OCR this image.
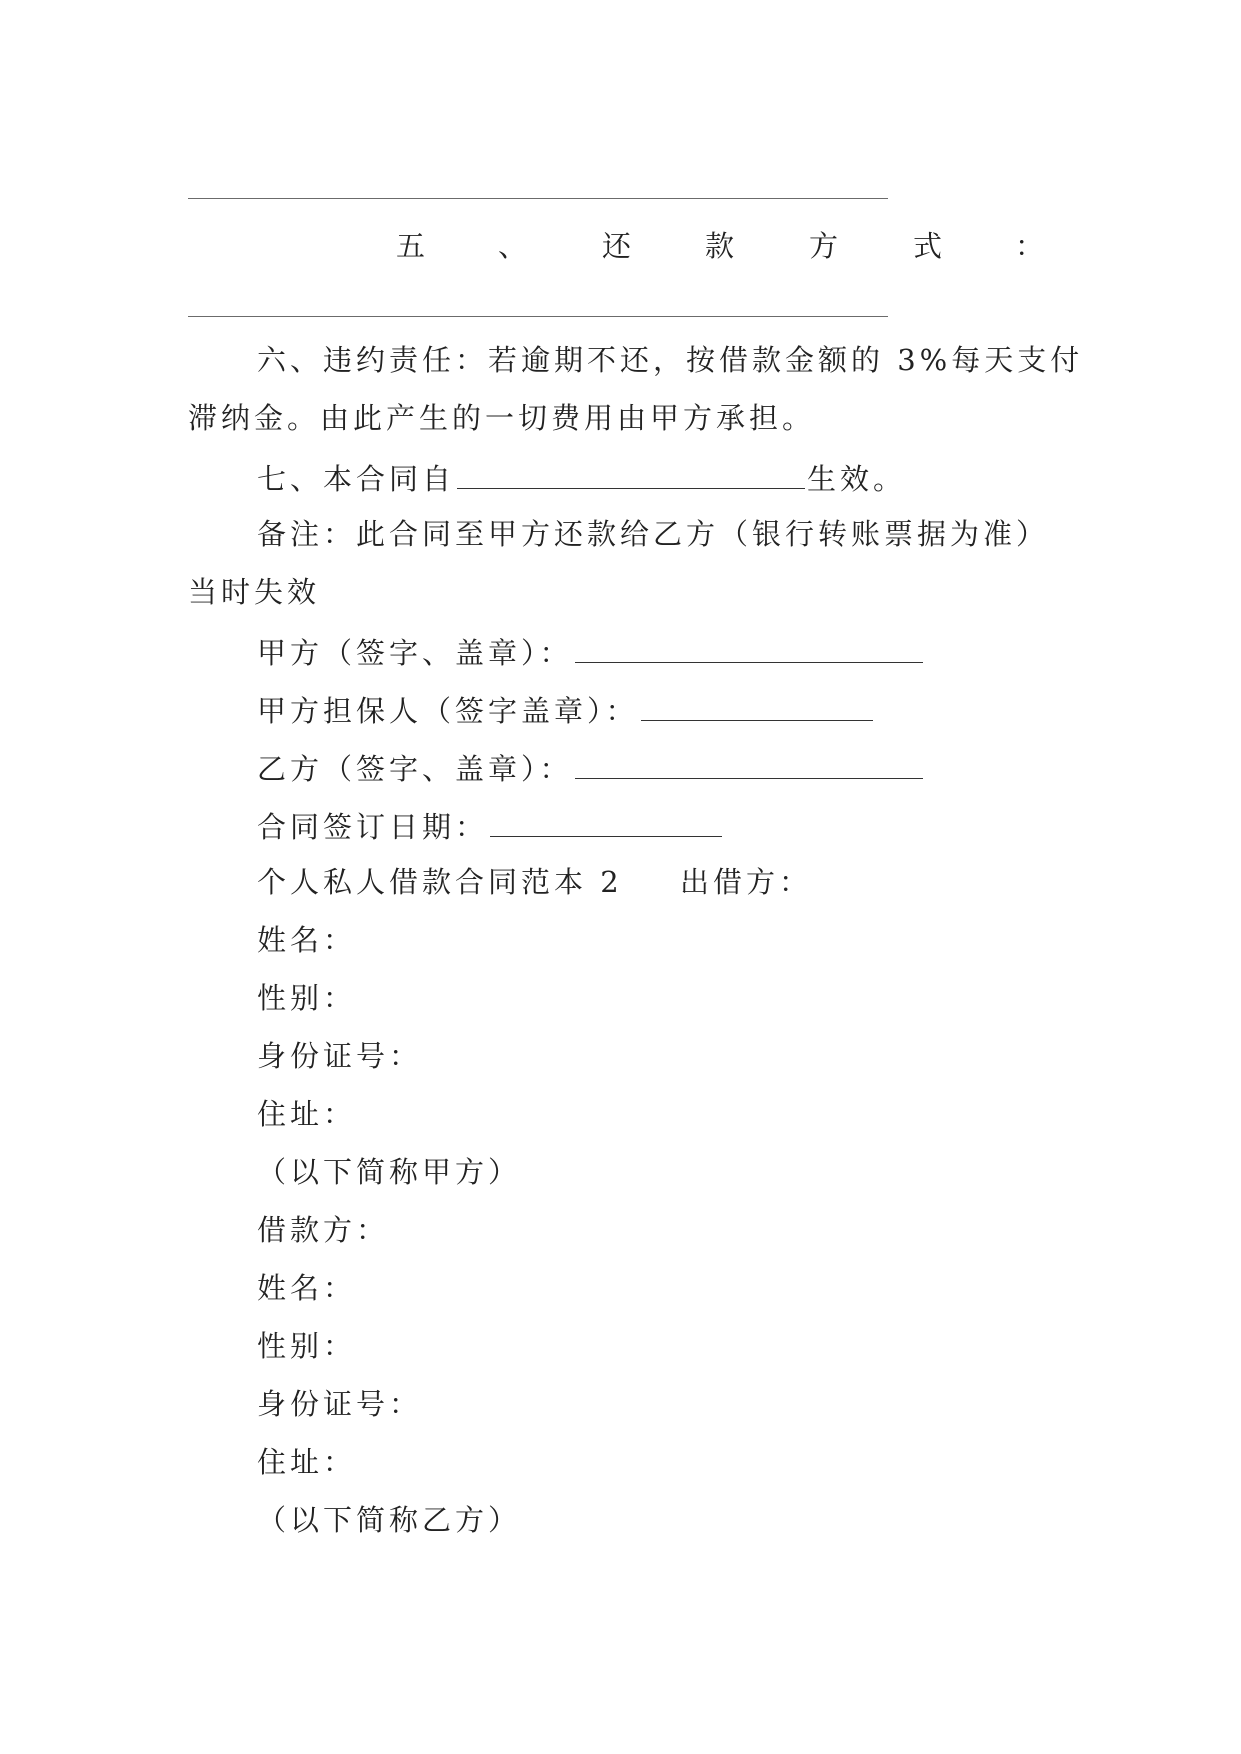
五	、	还	款	方	式	：
六、违约责任：若逾期不还，按借款金额的 3%每天支付
滞纳金。由此产生的一切费用由甲方承担。
七、本合同自	生效。
备注：此合同至甲方还款给乙方（银行转账票据为准）
当时失效
甲方（签字、盖章）：
甲方担保人（签字盖章）：
乙方（签字、盖章）：
合同签订日期：
个人私人借款合同范本 2 出借方：
姓名：
性别：
身份证号：
住址：
（以下简称甲方）
借款方：
姓名：
性别：
身份证号：
住址：
（以下简称乙方）
